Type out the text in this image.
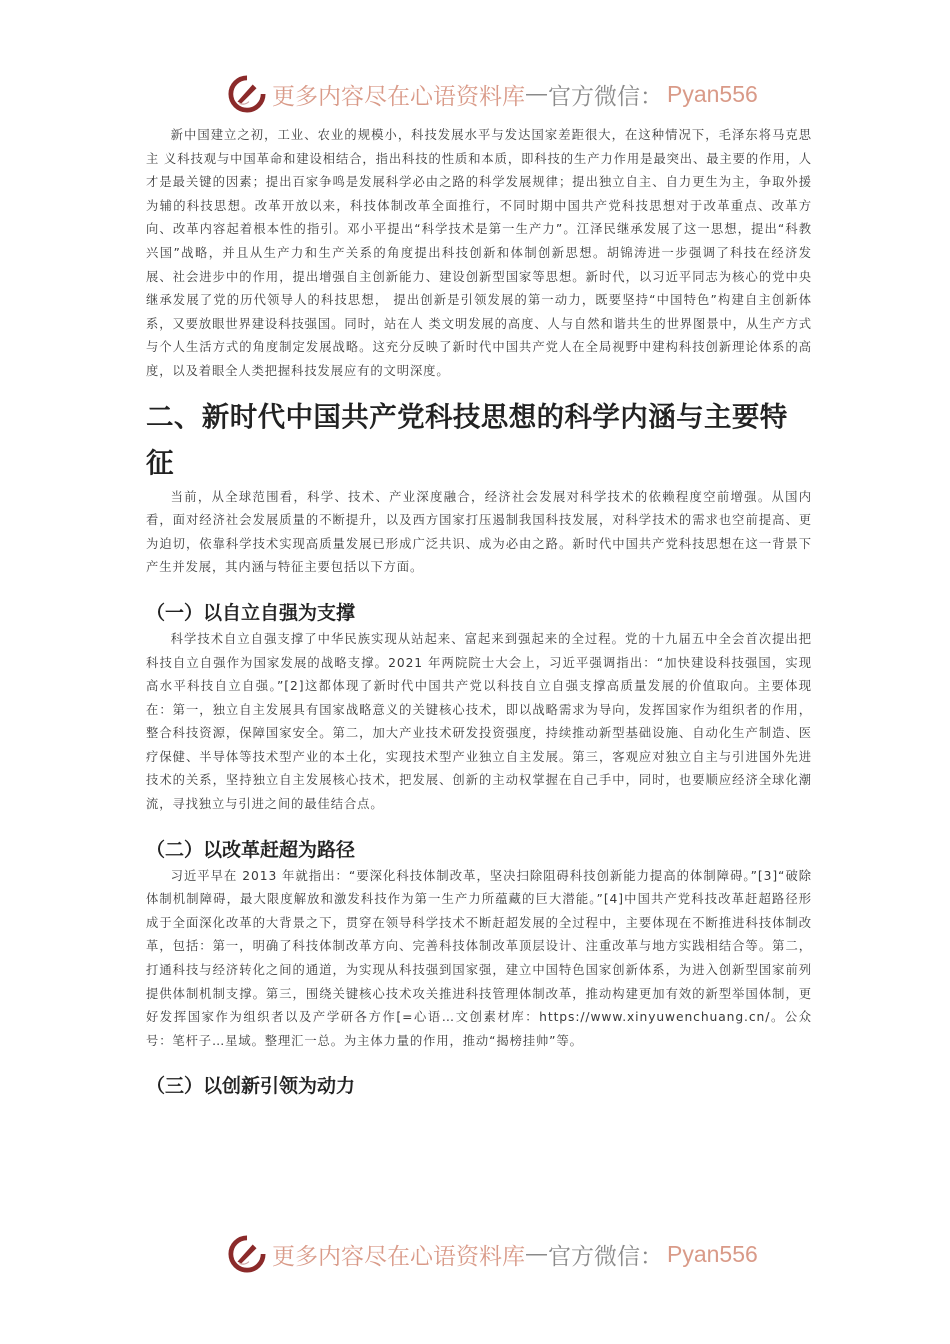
更多内容尽在心语资料库 — 官方微信： Pyan556

新中国建立之初，工业、农业的规模小，科技发展水平与发达国家差距很大，在这种情况下，毛泽东将马克思主 义科技观与中国革命和建设相结合，指出科技的性质和本质，即科技的生产力作用是最突出、最主要的作用，人才是最关键的因素；提出百家争鸣是发展科学必由之路的科学发展规律；提出独立自主、自力更生为主，争取外援为辅的科技思想。改革开放以来，科技体制改革全面推行，不同时期中国共产党科技思想对于改革重点、改革方向、改革内容起着根本性的指引。邓小平提出“科学技术是第一生产力”。江泽民继承发展了这一思想，提出“科教兴国”战略，并且从生产力和生产关系的角度提出科技创新和体制创新思想。胡锦涛进一步强调了科技在经济发展、社会进步中的作用，提出增强自主创新能力、建设创新型国家等思想。新时代，以习近平同志为核心的党中央继承发展了党的历代领导人的科技思想， 提出创新是引领发展的第一动力，既要坚持“中国特色”构建自主创新体系，又要放眼世界建设科技强国。同时，站在人 类文明发展的高度、人与自然和谐共生的世界图景中，从生产方式与个人生活方式的角度制定发展战略。这充分反映了新时代中国共产党人在全局视野中建构科技创新理论体系的高度，以及着眼全人类把握科技发展应有的文明深度。

二、新时代中国共产党科技思想的科学内涵与主要特征

当前，从全球范围看，科学、技术、产业深度融合，经济社会发展对科学技术的依赖程度空前增强。从国内看，面对经济社会发展质量的不断提升，以及西方国家打压遏制我国科技发展，对科学技术的需求也空前提高、更为迫切，依靠科学技术实现高质量发展已形成广泛共识、成为必由之路。新时代中国共产党科技思想在这一背景下产生并发展，其内涵与特征主要包括以下方面。

（一）以自立自强为支撑

科学技术自立自强支撑了中华民族实现从站起来、富起来到强起来的全过程。党的十九届五中全会首次提出把科技自立自强作为国家发展的战略支撑。2021 年两院院士大会上，习近平强调指出：“加快建设科技强国，实现高水平科技自立自强。”[2]这都体现了新时代中国共产党以科技自立自强支撑高质量发展的价值取向。主要体现在：第一，独立自主发展具有国家战略意义的关键核心技术，即以战略需求为导向，发挥国家作为组织者的作用，整合科技资源，保障国家安全。第二，加大产业技术研发投资强度，持续推动新型基础设施、自动化生产制造、医疗保健、半导体等技术型产业的本土化，实现技术型产业独立自主发展。第三，客观应对独立自主与引进国外先进技术的关系，坚持独立自主发展核心技术，把发展、创新的主动权掌握在自己手中，同时，也要顺应经济全球化潮流，寻找独立与引进之间的最佳结合点。

（二）以改革赶超为路径

习近平早在 2013 年就指出：“要深化科技体制改革，坚决扫除阻碍科技创新能力提高的体制障碍。”[3]“破除体制机制障碍，最大限度解放和激发科技作为第一生产力所蕴藏的巨大潜能。”[4]中国共产党科技改革赶超路径形成于全面深化改革的大背景之下，贯穿在领导科学技术不断赶超发展的全过程中，主要体现在不断推进科技体制改革，包括：第一，明确了科技体制改革方向、完善科技体制改革顶层设计、注重改革与地方实践相结合等。第二，打通科技与经济转化之间的通道，为实现从科技强到国家强，建立中国特色国家创新体系，为进入创新型国家前列提供体制机制支撑。第三，围绕关键核心技术攻关推进科技管理体制改革，推动构建更加有效的新型举国体制，更好发挥国家作为组织者以及产学研各方作[=心语…文创素材库：https://www.xinyuwenchuang.cn/。公众号：笔杆子…星域。整理汇一总。为主体力量的作用，推动“揭榜挂帅”等。

（三）以创新引领为动力
更多内容尽在心语资料库 — 官方微信： Pyan556
